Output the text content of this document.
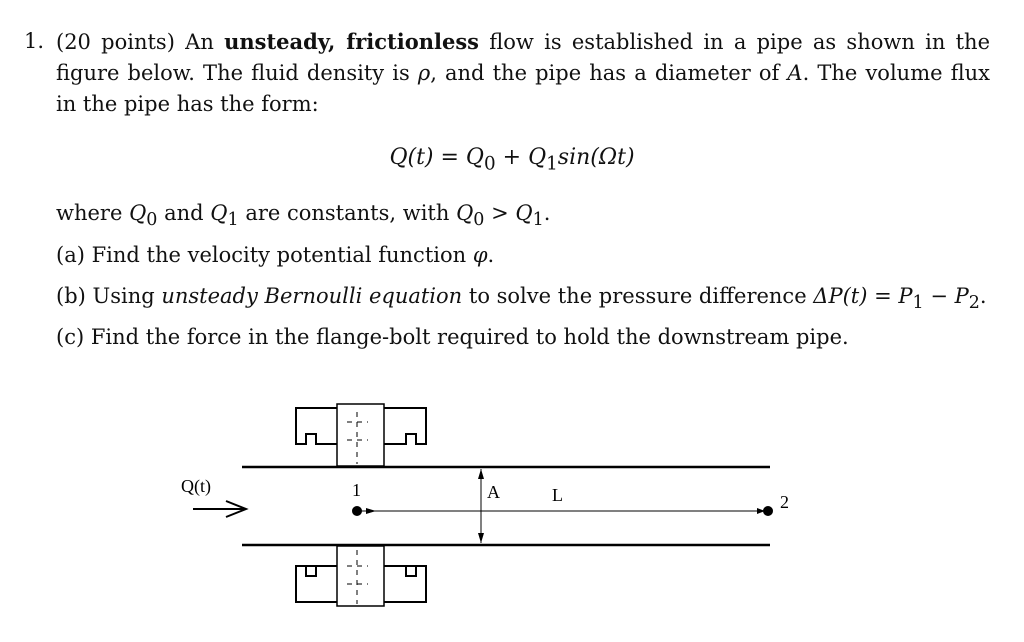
1. (20 points) An unsteady, frictionless flow is established in a pipe as shown in the figure below. The fluid density is ρ, and the pipe has a diameter of A. The volume flux in the pipe has the form:

$Q(t) = Q_0 + Q_1\sin(\Omega t)$

where $Q_0$ and $Q_1$ are constants, with $Q_0 > Q_1$.

(a) Find the velocity potential function φ.

(b) Using unsteady Bernoulli equation to solve the pressure difference $\Delta P(t) = P_1 - P_2$.

(c) Find the force in the flange-bolt required to hold the downstream pipe.

Q(t)	L
A
1
2
